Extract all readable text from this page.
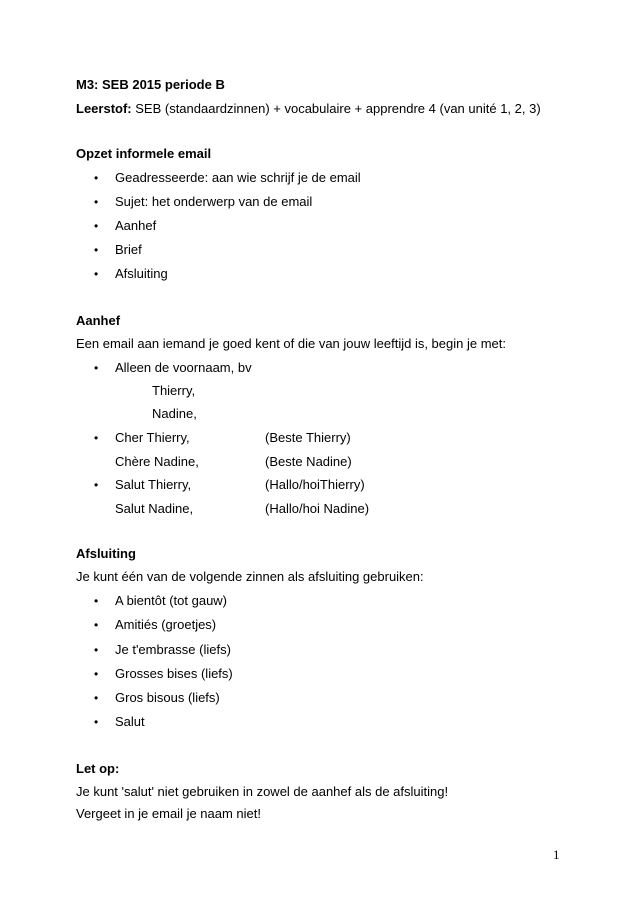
M3: SEB 2015 periode B
Leerstof: SEB (standaardzinnen) + vocabulaire + apprendre 4 (van unité 1, 2, 3)
Opzet informele email
• Geadresseerde: aan wie schrijf je de email
• Sujet: het onderwerp van de email
• Aanhef
• Brief
• Afsluiting
Aanhef
Een email aan iemand je goed kent of die van jouw leeftijd is, begin je met:
• Alleen de voornaam, bv
Thierry,
Nadine,
• Cher Thierry,	(Beste Thierry)
Chère Nadine,	(Beste Nadine)
• Salut Thierry,	(Hallo/hoiThierry)
Salut Nadine,	(Hallo/hoi Nadine)
Afsluiting
Je kunt één van de volgende zinnen als afsluiting gebruiken:
• A bientôt (tot gauw)
• Amitiés (groetjes)
• Je t'embrasse (liefs)
• Grosses bises (liefs)
• Gros bisous (liefs)
• Salut
Let op:
Je kunt 'salut' niet gebruiken in zowel de aanhef als de afsluiting!
Vergeet in je email je naam niet!
1
